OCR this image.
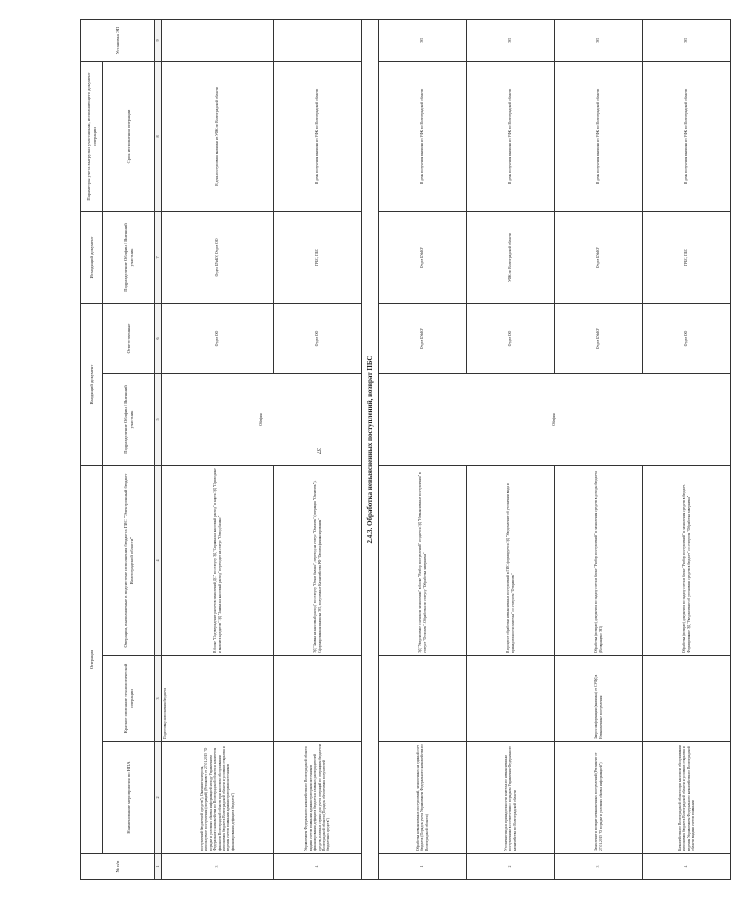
37
№ п/п	Операция			Входящий документ		Исходящий документ	Параметры учета выгрузки участникам, исполняющего документ операции	Установка ЭП
	Наименование мероприятия по НПА	Краткое описание технологической операции	Операции, выполняемые в подсистеме исполнения бюджета ГИС "Электронный бюджет Волгоградской области"	Подразделение Облфин / Внешний участник	Ответственные	Подразделение Облфин / Внешний участник	Срок исполнения операции	
1	2	3	4	5	6	7	8	9
3	поступлений бюджетной средств"), Оказание контроля, используемое поступления (операций) (Регламент от 27.01.2015 "О порядке и условиях обмена информацией между Управлением Федерального казначейства по Волгоградской области и комитетом финансов Волгоградской области при кассовом обслуживании исполнения бюджета Волгоградской области и условиях открытия и ведения счетов главными администраторами источников финансирования дефицита бюджета")	Подготовку исполнения бюджета	В блоке "Подтверждение расчетов зачислений ДС" по статусу ЭД "Справка на кассовый расход" и карта ЭД "Приходные и выплата кредитов" ЭД "Заявка на кассовый расход" переходит на статус "Отвод баланс"	Облфин	Отдел ОО	Отдел БУиКУ, Отдел ОО	В день поступления выписки из УФК по Волгоградской области	
4	Управлением Федерального казначейства по Волгоградской области видами счетов главными администраторами источников финансирования дефицита бюджета и главных распорядителей средств, платных сервис для учета операций по операциям бюджетом Волгоградской области (Порядок обеспечения получателей бюджетных средств")		ЭД "Заявка на кассовый расход" по статусу "Отказ баланс", переход на статус "Оплачен" (операция "Оплатить"). Сформированная выписка ЭП, полученные Казначейства РФ "Оплата финансирования"		Отдел ОО	ГРБС, ПБС	В день получения выписки из УФК по Волгоградской области	
2.4.3. Обработка невыясненных поступлений, возврат ПБС								
1	Обработка невыясненных поступлений, зачисленных на единый счет бюджета (Порядок учета Управлением Федерального казначейства по Волгоградской области)		ЭД "Уведомление о неясном зачислении" в блоке "Разбор поступлений" создается ЭД "Невыясненные поступления" в статусе "Отложен". Обработка по статусу "Обработка завершена"	Облфин	Отдел БУиКУ	Отдел БУиКУ	В день получения выписки из УФК по Волгоградской области	ЭП
2	Уточнение вида и принадлежности платежа по невыясненным поступлениям в соответствии с порядком Управления Федерального казначейства по Волгоградской области		В процессе обработки невыясненных поступлений в ГИС формируется ЭД "Уведомление об уточнении вида и принадлежности платежа" со статусом "Отправлен"		Отдел ОО	УФК по Волгоградской области	В день получения выписки из УФК по Волгоградской области	ЭП
3	Зачисление и возврат невыясненных поступлений (Регламент от 27.01.2015 "О порядке и условиях обмена информацией")	Запрос информации (выписка) от СУФД в Невыясненные поступления	Обработка (возврат) документа по задачу счета в блоке "Разбор поступлений" и зачисления средств в доходы бюджета (Возвращено ЭП)		Отдел БУиКУ	Отдел БУиКУ	В день получения выписки из УФК по Волгоградской области	ЭП
4	Казначейства по Волгоградской области при кассовом обслуживании исполнения бюджета Волгоградской области и условиях открытия и ведения Управлением Федерального казначейства по Волгоградской области видами счетов главными		Обработка (возврат) документа по задачу счета в блоке "Разбор поступлений" и зачисления средств в бюджет. Формирование ЭД "Уведомление об уточнении средств в бюджет" со статусом "Обработка завершена"		Отдел ОО	ГРБС, ПБС	В день получения выписки из УФК по Волгоградской области	ЭП
